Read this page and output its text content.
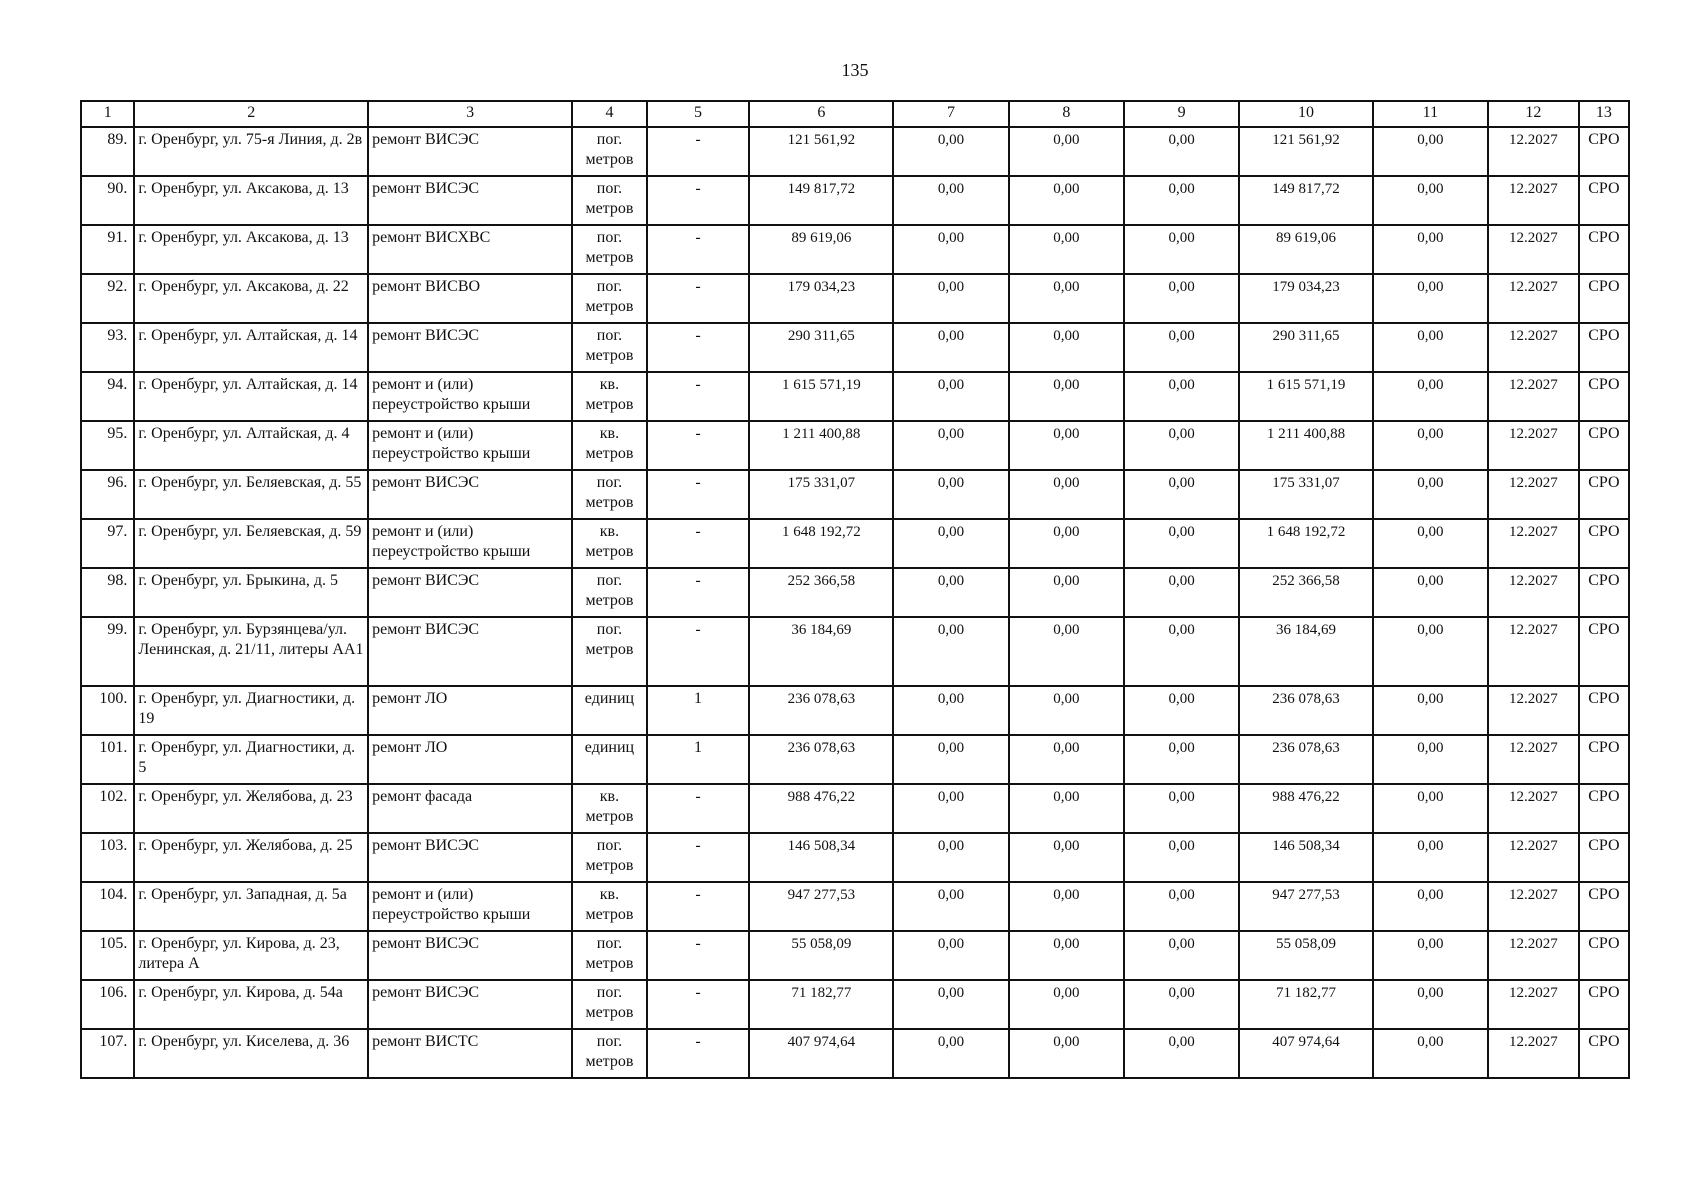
135
1	2	3	4	5	6	7	8	9	10	11	12	13
89.	г. Оренбург, ул. 75-я Линия, д. 2в	ремонт ВИСЭС	пог. метров	-	121 561,92	0,00	0,00	0,00	121 561,92	0,00	12.2027	СРО
90.	г. Оренбург, ул. Аксакова, д. 13	ремонт ВИСЭС	пог. метров	-	149 817,72	0,00	0,00	0,00	149 817,72	0,00	12.2027	СРО
91.	г. Оренбург, ул. Аксакова, д. 13	ремонт ВИСХВС	пог. метров	-	89 619,06	0,00	0,00	0,00	89 619,06	0,00	12.2027	СРО
92.	г. Оренбург, ул. Аксакова, д. 22	ремонт ВИСВО	пог. метров	-	179 034,23	0,00	0,00	0,00	179 034,23	0,00	12.2027	СРО
93.	г. Оренбург, ул. Алтайская, д. 14	ремонт ВИСЭС	пог. метров	-	290 311,65	0,00	0,00	0,00	290 311,65	0,00	12.2027	СРО
94.	г. Оренбург, ул. Алтайская, д. 14	ремонт и (или) переустройство крыши	кв. метров	-	1 615 571,19	0,00	0,00	0,00	1 615 571,19	0,00	12.2027	СРО
95.	г. Оренбург, ул. Алтайская, д. 4	ремонт и (или) переустройство крыши	кв. метров	-	1 211 400,88	0,00	0,00	0,00	1 211 400,88	0,00	12.2027	СРО
96.	г. Оренбург, ул. Беляевская, д. 55	ремонт ВИСЭС	пог. метров	-	175 331,07	0,00	0,00	0,00	175 331,07	0,00	12.2027	СРО
97.	г. Оренбург, ул. Беляевская, д. 59	ремонт и (или) переустройство крыши	кв. метров	-	1 648 192,72	0,00	0,00	0,00	1 648 192,72	0,00	12.2027	СРО
98.	г. Оренбург, ул. Брыкина, д. 5	ремонт ВИСЭС	пог. метров	-	252 366,58	0,00	0,00	0,00	252 366,58	0,00	12.2027	СРО
99.	г. Оренбург, ул. Бурзянцева/ул. Ленинская, д. 21/11, литеры АА1	ремонт ВИСЭС	пог. метров	-	36 184,69	0,00	0,00	0,00	36 184,69	0,00	12.2027	СРО
100.	г. Оренбург, ул. Диагностики, д. 19	ремонт ЛО	единиц	1	236 078,63	0,00	0,00	0,00	236 078,63	0,00	12.2027	СРО
101.	г. Оренбург, ул. Диагностики, д. 5	ремонт ЛО	единиц	1	236 078,63	0,00	0,00	0,00	236 078,63	0,00	12.2027	СРО
102.	г. Оренбург, ул. Желябова, д. 23	ремонт фасада	кв. метров	-	988 476,22	0,00	0,00	0,00	988 476,22	0,00	12.2027	СРО
103.	г. Оренбург, ул. Желябова, д. 25	ремонт ВИСЭС	пог. метров	-	146 508,34	0,00	0,00	0,00	146 508,34	0,00	12.2027	СРО
104.	г. Оренбург, ул. Западная, д. 5а	ремонт и (или) переустройство крыши	кв. метров	-	947 277,53	0,00	0,00	0,00	947 277,53	0,00	12.2027	СРО
105.	г. Оренбург, ул. Кирова, д. 23, литера А	ремонт ВИСЭС	пог. метров	-	55 058,09	0,00	0,00	0,00	55 058,09	0,00	12.2027	СРО
106.	г. Оренбург, ул. Кирова, д. 54а	ремонт ВИСЭС	пог. метров	-	71 182,77	0,00	0,00	0,00	71 182,77	0,00	12.2027	СРО
107.	г. Оренбург, ул. Киселева, д. 36	ремонт ВИСТС	пог. метров	-	407 974,64	0,00	0,00	0,00	407 974,64	0,00	12.2027	СРО
